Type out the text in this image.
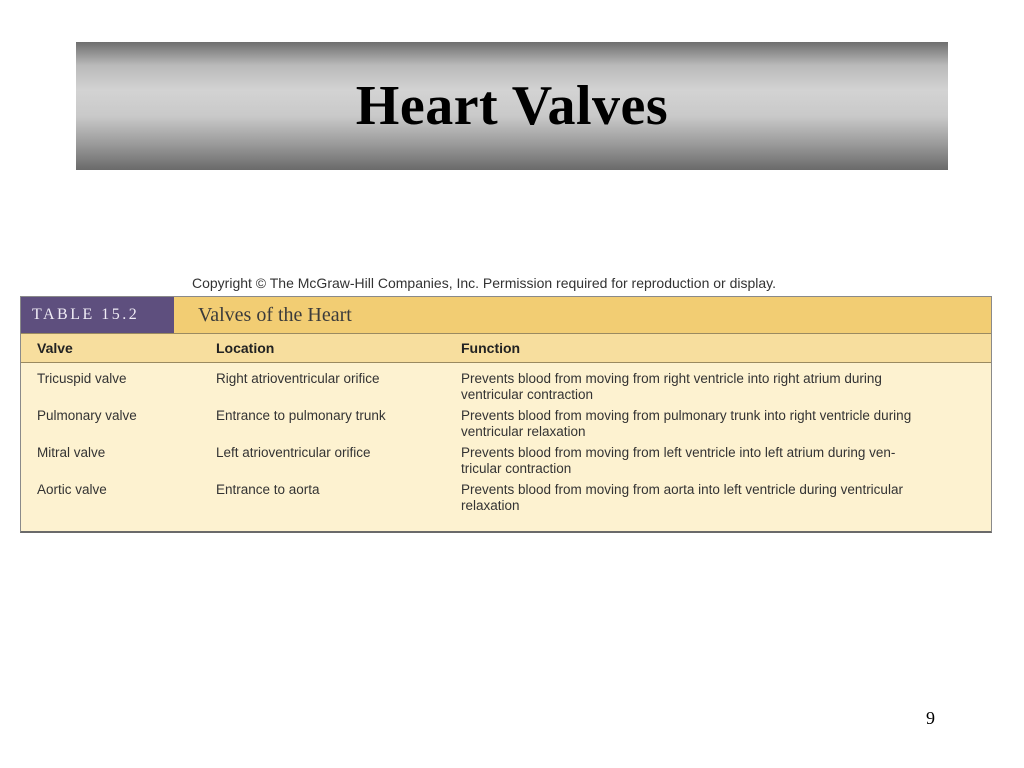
Heart Valves
Copyright © The McGraw-Hill Companies, Inc. Permission required for reproduction or display.
TABLE 15.2	Valves of the Heart
Valve	Location	Function
Tricuspid valve	Right atrioventricular orifice	Prevents blood from moving from right ventricle into right atrium during
ventricular contraction
Pulmonary valve	Entrance to pulmonary trunk	Prevents blood from moving from pulmonary trunk into right ventricle during
ventricular relaxation
Mitral valve	Left atrioventricular orifice	Prevents blood from moving from left ventricle into left atrium during ven-
tricular contraction
Aortic valve	Entrance to aorta	Prevents blood from moving from aorta into left ventricle during ventricular
relaxation
9
